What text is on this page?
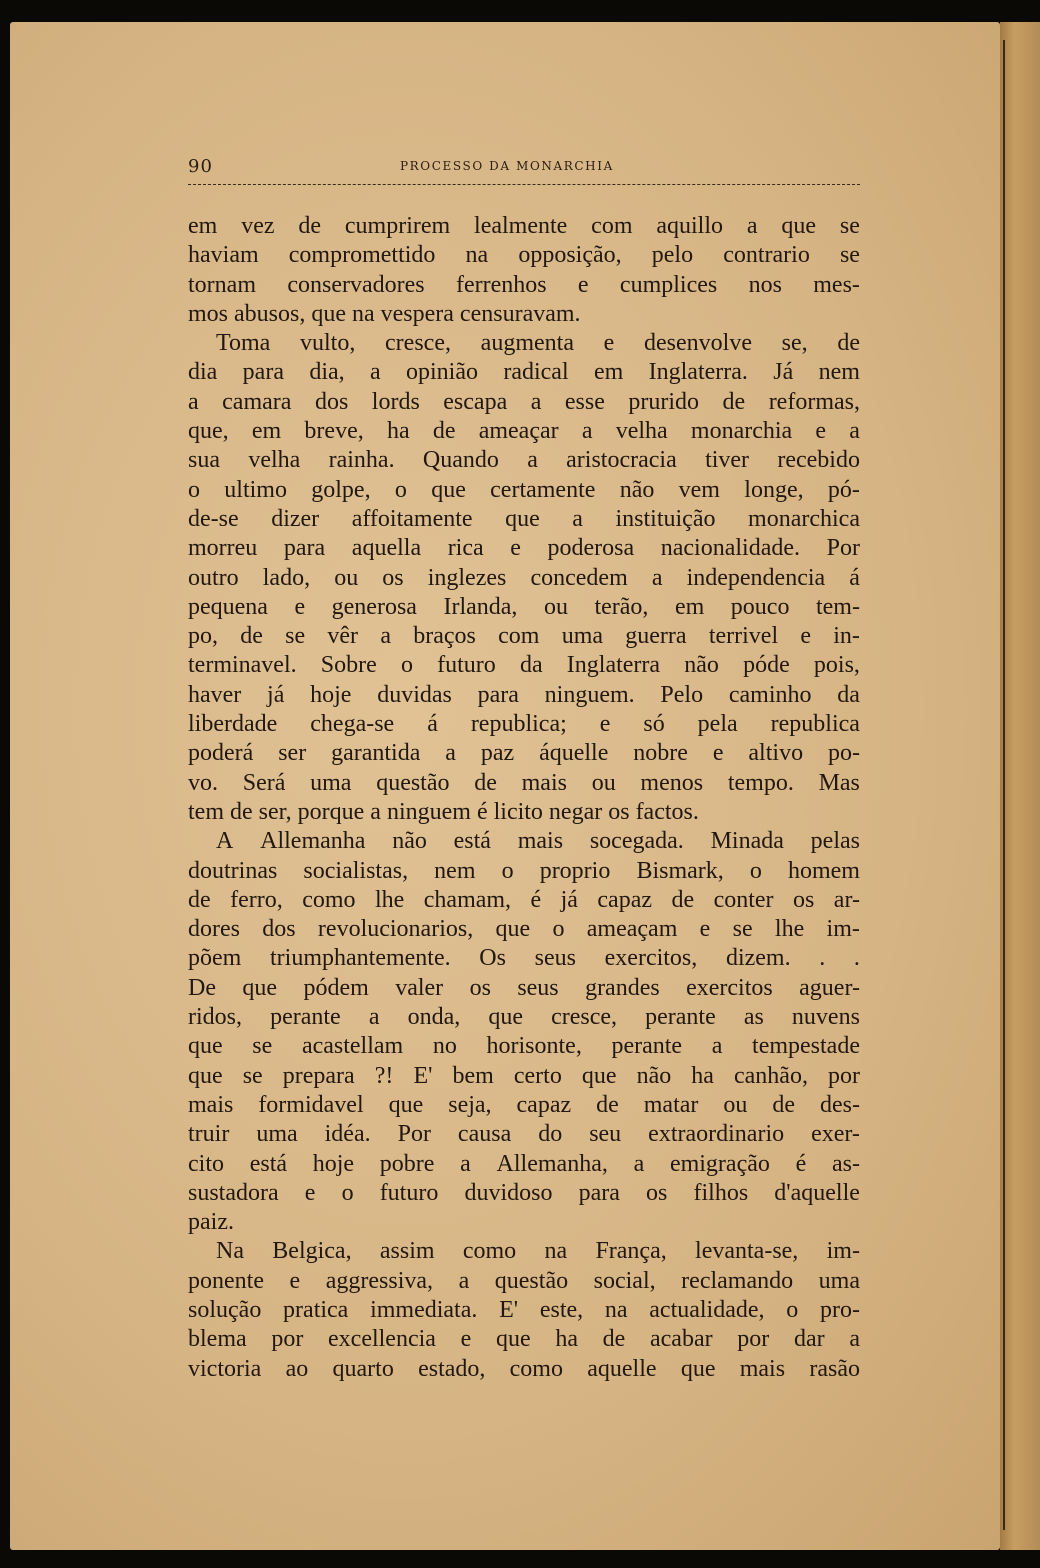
90	PROCESSO DA MONARCHIA
em vez de cumprirem lealmente com aquillo a que se
haviam compromettido na opposição, pelo contrario se
tornam conservadores ferrenhos e cumplices nos mes-
mos abusos, que na vespera censuravam.
Toma vulto, cresce, augmenta e desenvolve se, de
dia para dia, a opinião radical em Inglaterra. Já nem
a camara dos lords escapa a esse prurido de reformas,
que, em breve, ha de ameaçar a velha monarchia e a
sua velha rainha. Quando a aristocracia tiver recebido
o ultimo golpe, o que certamente não vem longe, pó-
de-se dizer affoitamente que a instituição monarchica
morreu para aquella rica e poderosa nacionalidade. Por
outro lado, ou os inglezes concedem a independencia á
pequena e generosa Irlanda, ou terão, em pouco tem-
po, de se vêr a braços com uma guerra terrivel e in-
terminavel. Sobre o futuro da Inglaterra não póde pois,
haver já hoje duvidas para ninguem. Pelo caminho da
liberdade chega-se á republica; e só pela republica
poderá ser garantida a paz áquelle nobre e altivo po-
vo. Será uma questão de mais ou menos tempo. Mas
tem de ser, porque a ninguem é licito negar os factos.
A Allemanha não está mais socegada. Minada pelas
doutrinas socialistas, nem o proprio Bismark, o homem
de ferro, como lhe chamam, é já capaz de conter os ar-
dores dos revolucionarios, que o ameaçam e se lhe im-
põem triumphantemente. Os seus exercitos, dizem. . .
De que pódem valer os seus grandes exercitos aguer-
ridos, perante a onda, que cresce, perante as nuvens
que se acastellam no horisonte, perante a tempestade
que se prepara ?! E' bem certo que não ha canhão, por
mais formidavel que seja, capaz de matar ou de des-
truir uma idéa. Por causa do seu extraordinario exer-
cito está hoje pobre a Allemanha, a emigração é as-
sustadora e o futuro duvidoso para os filhos d'aquelle
paiz.
Na Belgica, assim como na França, levanta-se, im-
ponente e aggressiva, a questão social, reclamando uma
solução pratica immediata. E' este, na actualidade, o pro-
blema por excellencia e que ha de acabar por dar a
victoria ao quarto estado, como aquelle que mais rasão
